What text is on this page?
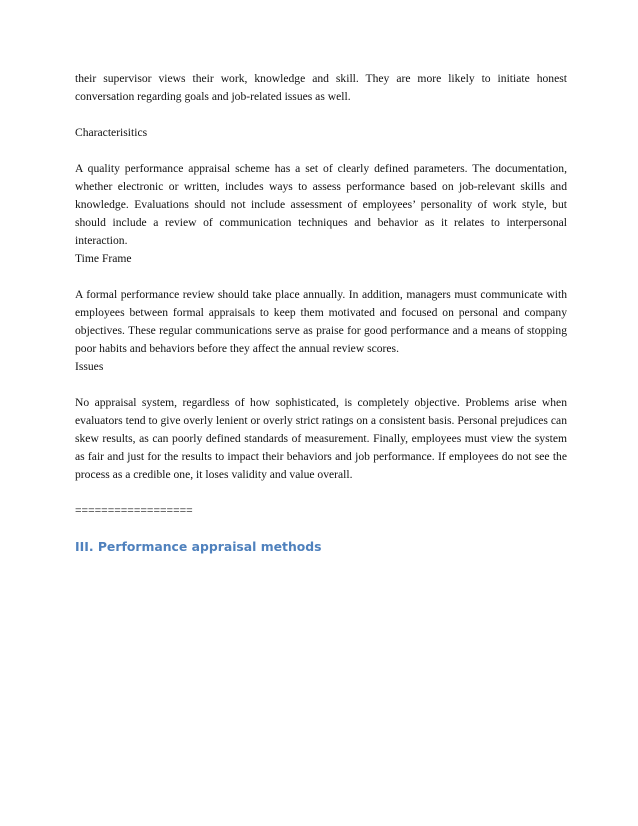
their supervisor views their work, knowledge and skill. They are more likely to initiate honest conversation regarding goals and job-related issues as well.

Characterisitics

A quality performance appraisal scheme has a set of clearly defined parameters. The documentation, whether electronic or written, includes ways to assess performance based on job-relevant skills and knowledge. Evaluations should not include assessment of employees’ personality of work style, but should include a review of communication techniques and behavior as it relates to interpersonal interaction.

Time Frame

A formal performance review should take place annually. In addition, managers must communicate with employees between formal appraisals to keep them motivated and focused on personal and company objectives. These regular communications serve as praise for good performance and a means of stopping poor habits and behaviors before they affect the annual review scores.

Issues

No appraisal system, regardless of how sophisticated, is completely objective. Problems arise when evaluators tend to give overly lenient or overly strict ratings on a consistent basis. Personal prejudices can skew results, as can poorly defined standards of measurement. Finally, employees must view the system as fair and just for the results to impact their behaviors and job performance. If employees do not see the process as a credible one, it loses validity and value overall.

==================

III. Performance appraisal methods
